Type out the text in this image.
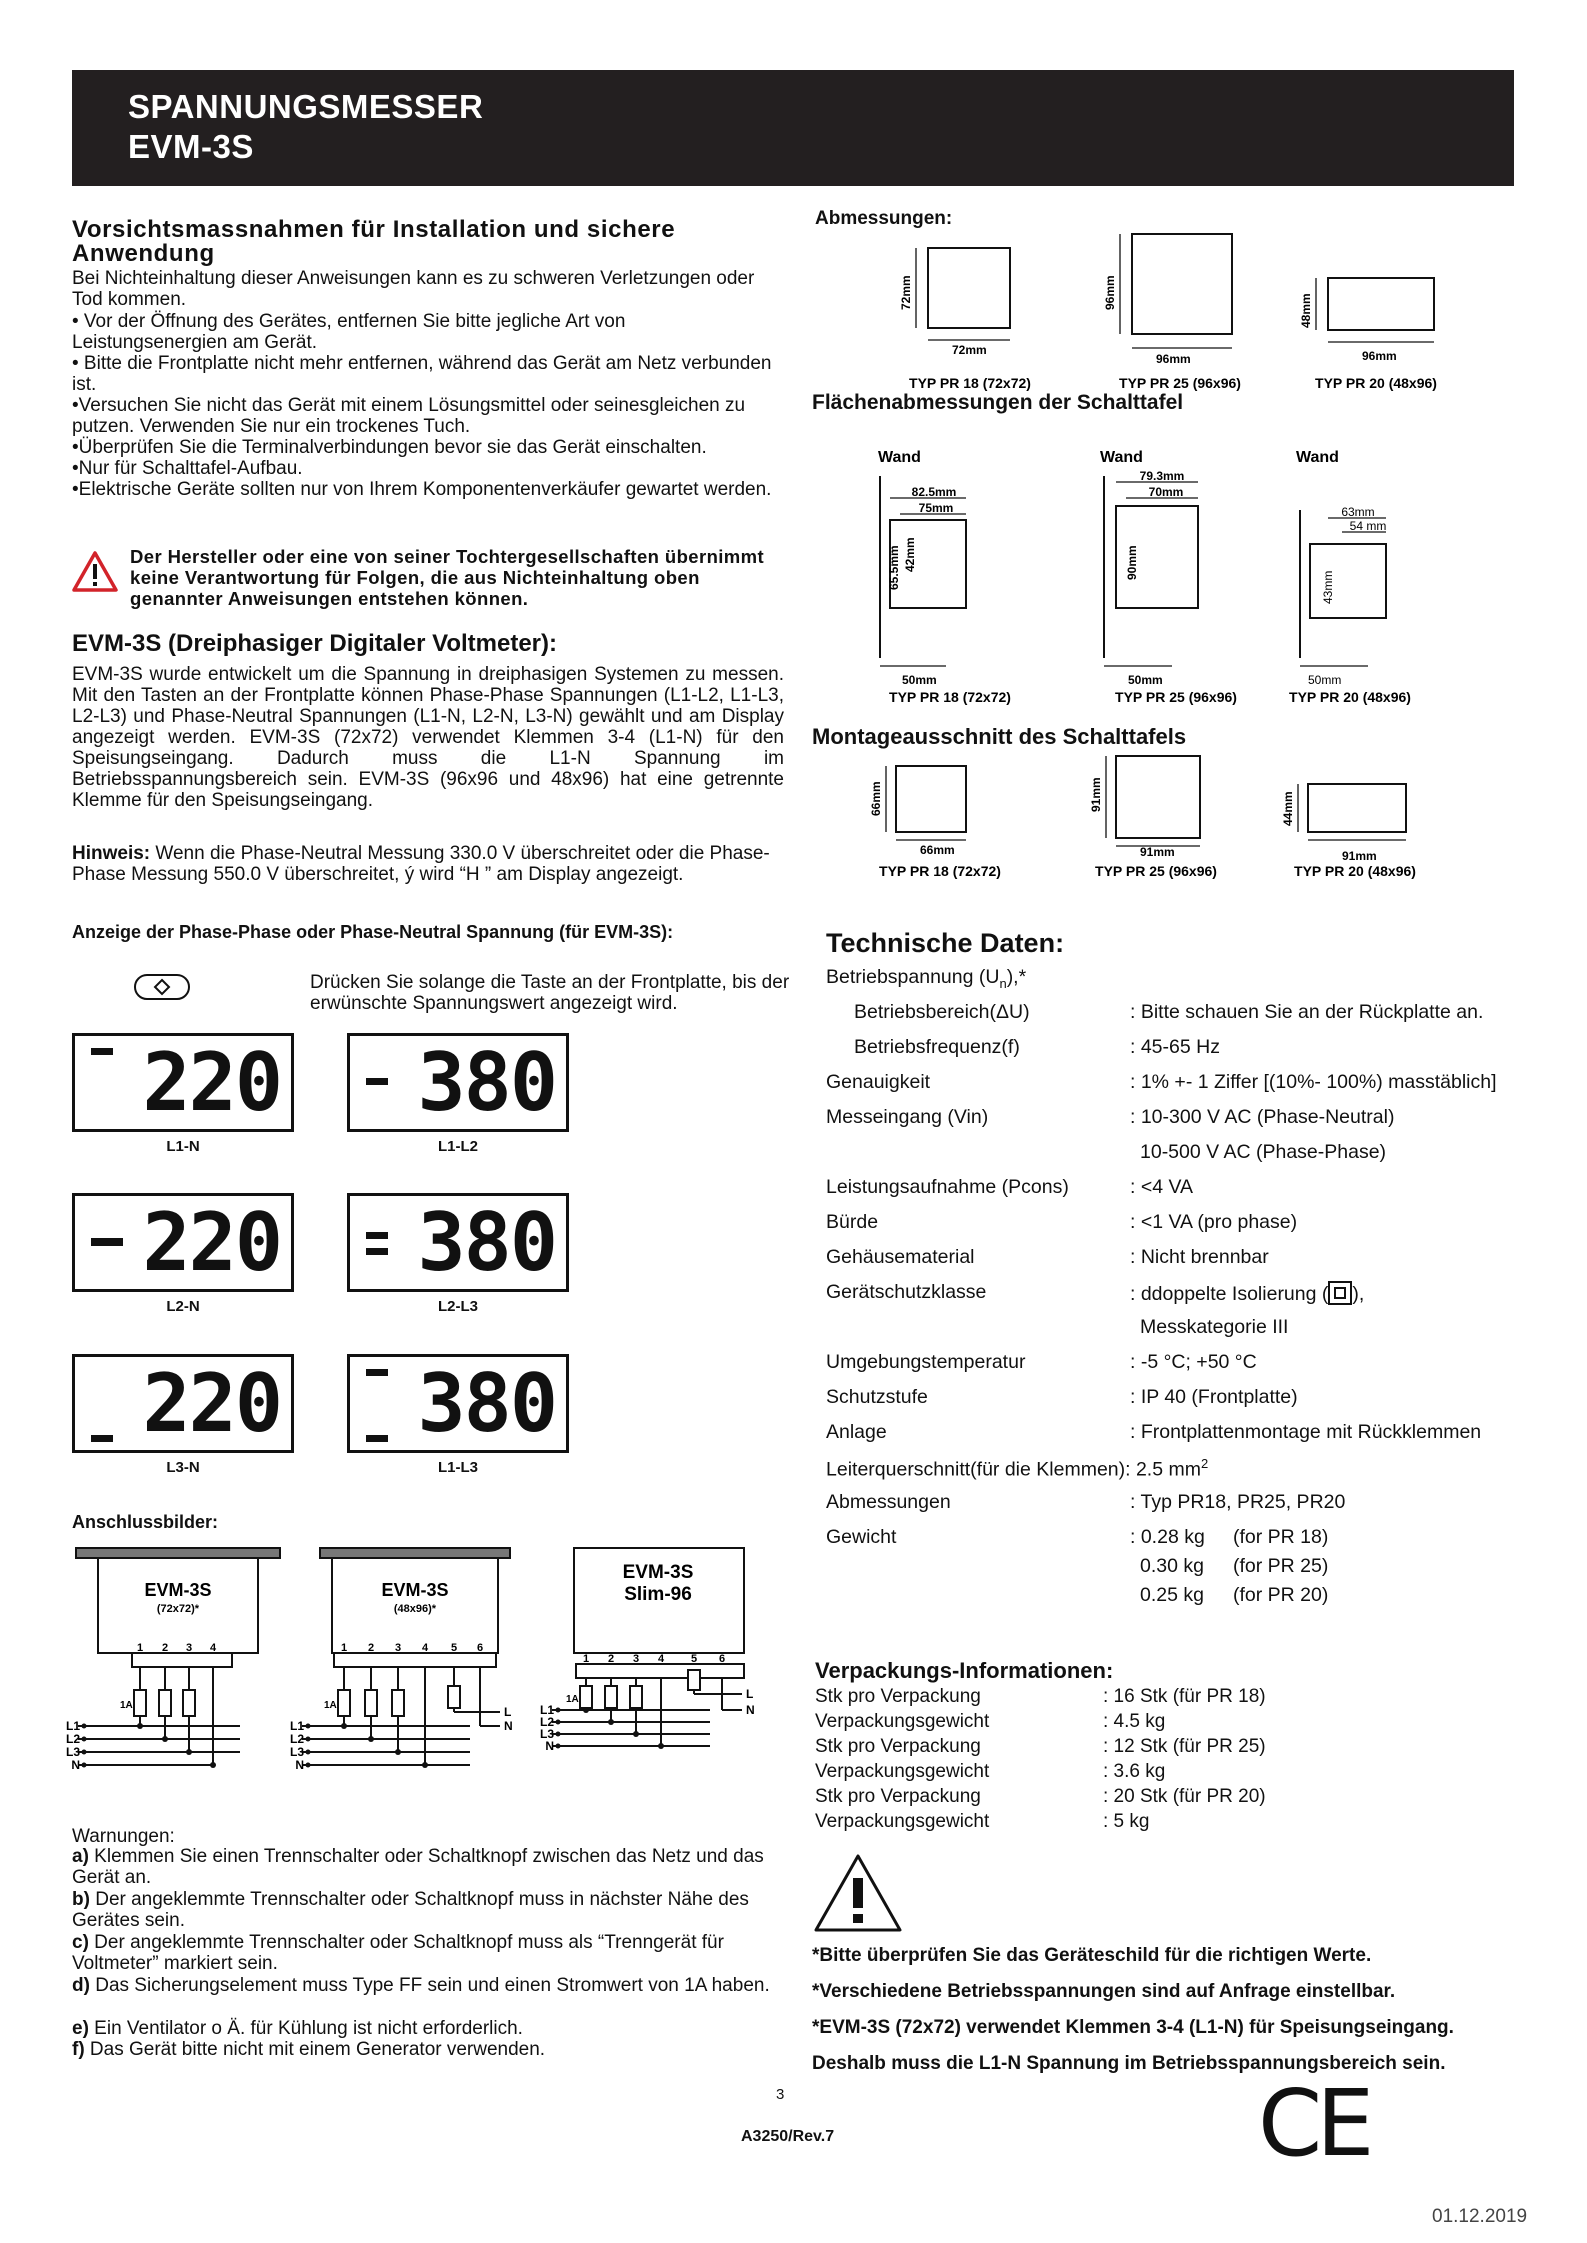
SPANNUNGSMESSER
EVM-3S
Vorsichtsmassnahmen für Installation und sichere Anwendung
Bei Nichteinhaltung dieser Anweisungen kann es zu schweren Verletzungen oder Tod kommen.
• Vor der Öffnung des Gerätes, entfernen Sie bitte jegliche Art von Leistungsenergien am Gerät.
• Bitte die Frontplatte nicht mehr entfernen, während das Gerät am Netz verbunden ist.
•Versuchen Sie nicht das Gerät mit einem Lösungsmittel oder seinesgleichen zu putzen. Verwenden Sie nur ein trockenes Tuch.
•Überprüfen Sie die Terminalverbindungen bevor sie das Gerät einschalten.
•Nur für Schalttafel-Aufbau.
•Elektrische Geräte sollten nur von Ihrem Komponentenverkäufer gewartet werden.
Der Hersteller oder eine von seiner Tochtergesellschaften übernimmt keine Verantwortung für Folgen, die aus Nichteinhaltung oben genannter Anweisungen entstehen können.
EVM-3S (Dreiphasiger Digitaler Voltmeter):
EVM-3S wurde entwickelt um die Spannung in dreiphasigen Systemen zu messen. Mit den Tasten an der Frontplatte können Phase-Phase Spannungen (L1-L2, L1-L3, L2-L3) und Phase-Neutral Spannungen (L1-N, L2-N, L3-N) gewählt und am Display angezeigt werden. EVM-3S (72x72) verwendet Klemmen 3-4 (L1-N) für den Speisungseingang. Dadurch muss die L1-N Spannung im Betriebsspannungsbereich sein. EVM-3S (96x96 und 48x96) hat eine getrennte Klemme für den Speisungseingang.
Hinweis: Wenn die Phase-Neutral Messung 330.0 V überschreitet oder die Phase-Phase Messung 550.0 V überschreitet, ý wird “H ” am Display angezeigt.
Anzeige der Phase-Phase oder Phase-Neutral Spannung (für EVM-3S):
Drücken Sie solange die Taste an der Frontplatte, bis der erwünschte Spannungswert angezeigt wird.
220
L1-N
380
L1-L2
220
L2-N
380
L2-L3
220
L3-N
380
L1-L3
Anschlussbilder:
EVM-3S
(72x72)*
EVM-3S
(48x96)*
EVM-3S
Slim-96
1 2 3 4	1 2 3 4 5 6
1 2 3 4 5 6
L1
L2
L3
N
L1
L2
L3
N
L1
L2
L3
N
L
N
L
N
1A	1A
1A
Warnungen:
a) Klemmen Sie einen Trennschalter oder Schaltknopf zwischen das Netz und das Gerät an.
b) Der angeklemmte Trennschalter oder Schaltknopf muss in nächster Nähe des Gerätes sein.
c) Der angeklemmte Trennschalter oder Schaltknopf muss als “Trenngerät für Voltmeter” markiert sein.
d) Das Sicherungselement muss Type FF sein und einen Stromwert von 1A haben.
e) Ein Ventilator o Ä. für Kühlung ist nicht erforderlich.
f) Das Gerät bitte nicht mit einem Generator verwenden.
Abmessungen:
72mm
72mm
96mm
96mm
48mm
96mm
TYP PR 18 (72x72)	TYP PR 25 (96x96)	TYP PR 20 (48x96)
Flächenabmessungen der Schalttafel
Wand	Wand	Wand
82.5mm
75mm
65.5mm 42mm
79.3mm
70mm
90mm
63mm
54 mm
43mm
50mm	50mm	50mm
TYP PR 18 (72x72)	TYP PR 25 (96x96)	TYP PR 20 (48x96)
Montageausschnitt des Schalttafels
66mm
66mm
91mm
91mm
44mm
91mm
TYP PR 18 (72x72)	TYP PR 25 (96x96)	TYP PR 20 (48x96)
Technische Daten:
Betriebspannung $(U_n),*$
Betriebsbereich(ΔU)	: Bitte schauen Sie an der Rückplatte an.
Betriebsfrequenz(f)	: 45-65 Hz
Genauigkeit	: 1% +- 1 Ziffer [(10%- 100%) masstäblich]
Messeingang (Vin)	: 10-300 V AC (Phase-Neutral)
10-500 V AC (Phase-Phase)
Leistungsaufnahme (Pcons)	: <4 VA
Bürde	: <1 VA (pro phase)
Gehäusematerial	: Nicht brennbar
Gerätschutzklasse	: ddoppelte Isolierung ( ),
Messkategorie III
Umgebungstemperatur	: -5 °C; +50 °C
Schutzstufe	: IP 40 (Frontplatte)
Anlage	: Frontplattenmontage mit Rückklemmen
Leiterquerschnitt(für die Klemmen): 2.5 $mm^2$
Abmessungen	: Typ PR18, PR25, PR20
Gewicht	: 0.28 kg (for PR 18)
0.30 kg (for PR 25)
0.25 kg (for PR 20)
Verpackungs-Informationen:
Stk pro Verpackung	: 16 Stk (für PR 18)
Verpackungsgewicht	: 4.5 kg
Stk pro Verpackung	: 12 Stk (für PR 25)
Verpackungsgewicht	: 3.6 kg
Stk pro Verpackung	: 20 Stk (für PR 20)
Verpackungsgewicht	: 5 kg
*Bitte überprüfen Sie das Geräteschild für die richtigen Werte.
*Verschiedene Betriebsspannungen sind auf Anfrage einstellbar.
*EVM-3S (72x72) verwendet Klemmen 3-4 (L1-N) für Speisungseingang.
Deshalb muss die L1-N Spannung im Betriebsspannungsbereich sein.
3
A3250/Rev.7	CE
01.12.2019
